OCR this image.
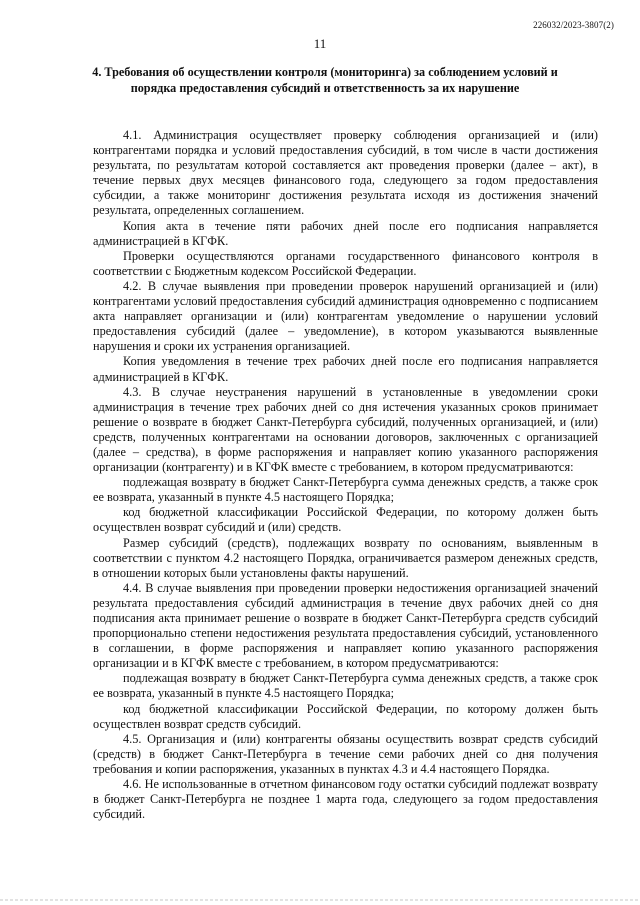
226032/2023-3807(2)
11
4. Требования об осуществлении контроля (мониторинга) за соблюдением условий и порядка предоставления субсидий и ответственность за их нарушение

4.1. Администрация осуществляет проверку соблюдения организацией и (или) контрагентами порядка и условий предоставления субсидий, в том числе в части достижения результата, по результатам которой составляется акт проведения проверки (далее – акт), в течение первых двух месяцев финансового года, следующего за годом предоставления субсидии, а также мониторинг достижения результата исходя из достижения значений результата, определенных соглашением.

Копия акта в течение пяти рабочих дней после его подписания направляется администрацией в КГФК.

Проверки осуществляются органами государственного финансового контроля в соответствии с Бюджетным кодексом Российской Федерации.

4.2. В случае выявления при проведении проверок нарушений организацией и (или) контрагентами условий предоставления субсидий администрация одновременно с подписанием акта направляет организации и (или) контрагентам уведомление о нарушении условий предоставления субсидий (далее – уведомление), в котором указываются выявленные нарушения и сроки их устранения организацией.

Копия уведомления в течение трех рабочих дней после его подписания направляется администрацией в КГФК.

4.3. В случае неустранения нарушений в установленные в уведомлении сроки администрация в течение трех рабочих дней со дня истечения указанных сроков принимает решение о возврате в бюджет Санкт-Петербурга субсидий, полученных организацией, и (или) средств, полученных контрагентами на основании договоров, заключенных с организацией (далее – средства), в форме распоряжения и направляет копию указанного распоряжения организации (контрагенту) и в КГФК вместе с требованием, в котором предусматриваются:

подлежащая возврату в бюджет Санкт-Петербурга сумма денежных средств, а также срок ее возврата, указанный в пункте 4.5 настоящего Порядка;

код бюджетной классификации Российской Федерации, по которому должен быть осуществлен возврат субсидий и (или) средств.

Размер субсидий (средств), подлежащих возврату по основаниям, выявленным в соответствии с пунктом 4.2 настоящего Порядка, ограничивается размером денежных средств, в отношении которых были установлены факты нарушений.

4.4. В случае выявления при проведении проверки недостижения организацией значений результата предоставления субсидий администрация в течение двух рабочих дней со дня подписания акта принимает решение о возврате в бюджет Санкт-Петербурга средств субсидий пропорционально степени недостижения результата предоставления субсидий, установленного в соглашении, в форме распоряжения и направляет копию указанного распоряжения организации и в КГФК вместе с требованием, в котором предусматриваются:

подлежащая возврату в бюджет Санкт-Петербурга сумма денежных средств, а также срок ее возврата, указанный в пункте 4.5 настоящего Порядка;

код бюджетной классификации Российской Федерации, по которому должен быть осуществлен возврат средств субсидий.

4.5. Организация и (или) контрагенты обязаны осуществить возврат средств субсидий (средств) в бюджет Санкт-Петербурга в течение семи рабочих дней со дня получения требования и копии распоряжения, указанных в пунктах 4.3 и 4.4 настоящего Порядка.

4.6. Не использованные в отчетном финансовом году остатки субсидий подлежат возврату в бюджет Санкт-Петербурга не позднее 1 марта года, следующего за годом предоставления субсидий.
